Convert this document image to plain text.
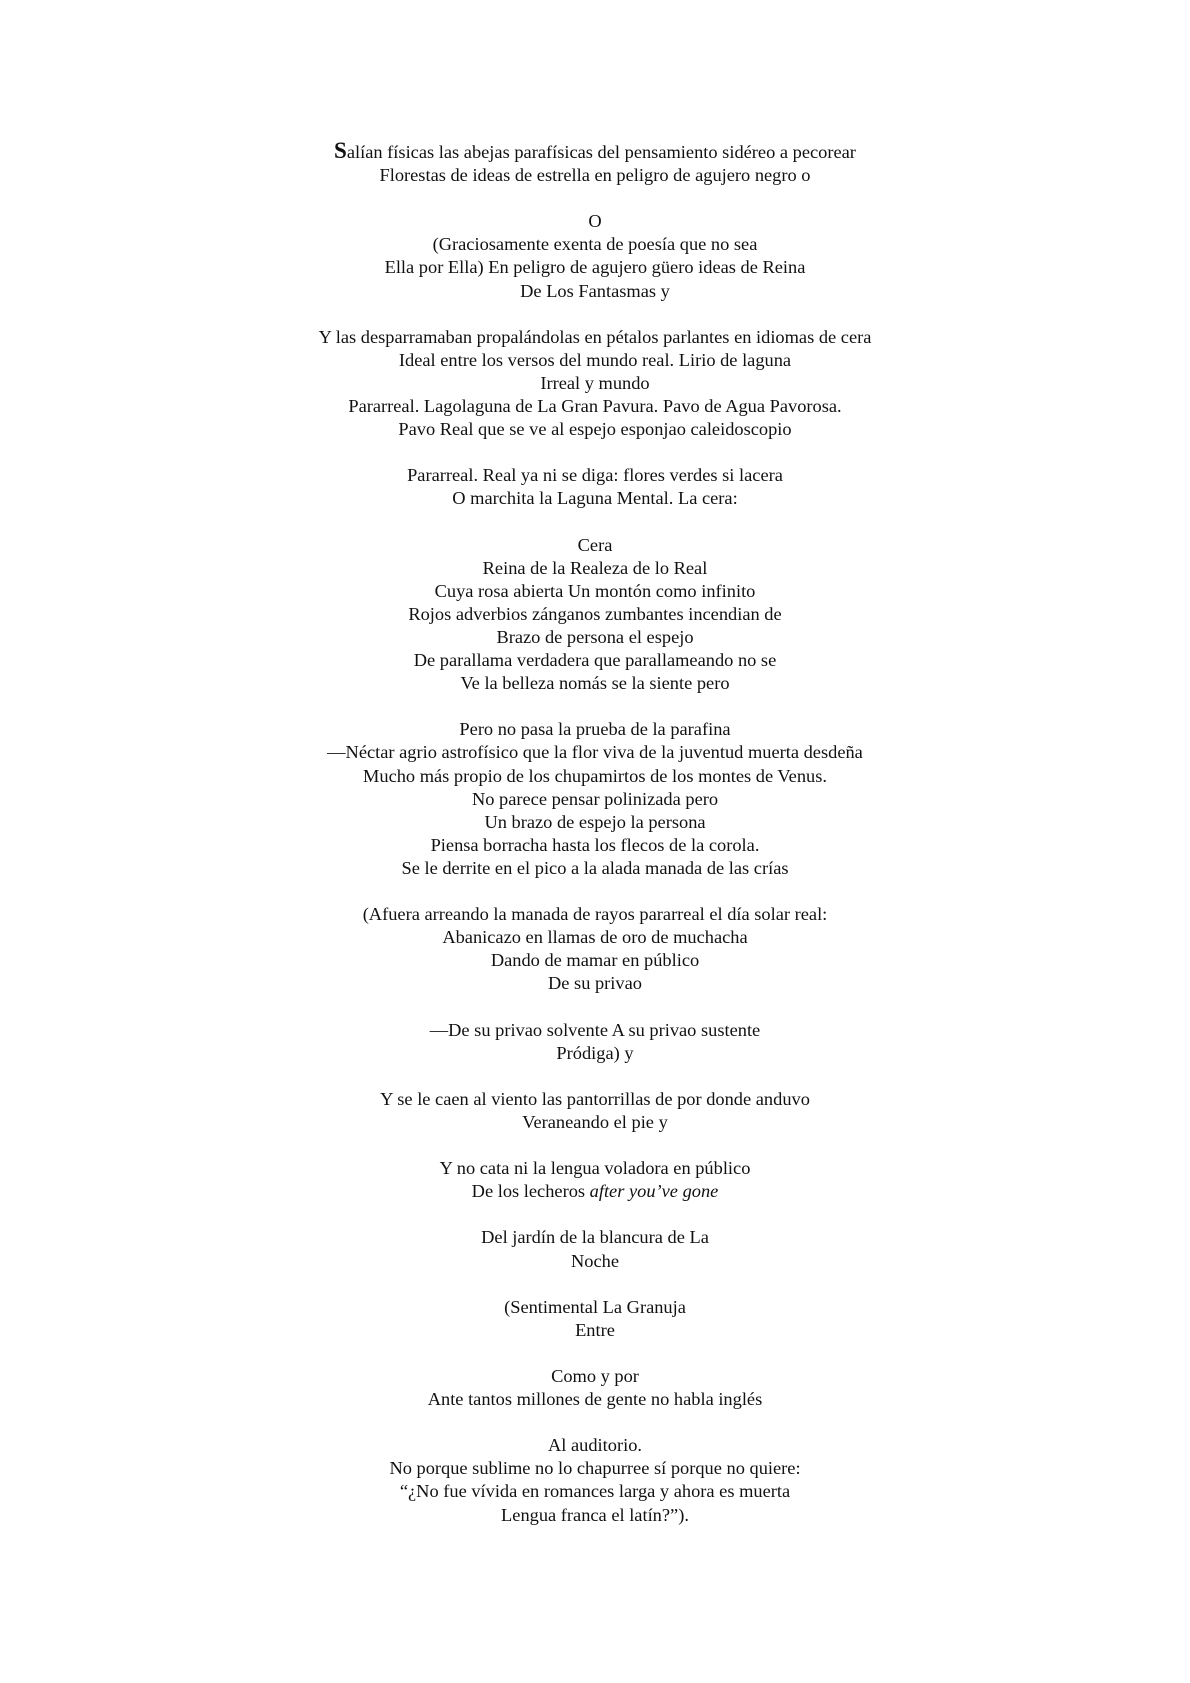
Salían físicas las abejas parafísicas del pensamiento sidéreo a pecorear
Florestas de ideas de estrella en peligro de agujero negro o
O
(Graciosamente exenta de poesía que no sea
Ella por Ella) En peligro de agujero güero ideas de Reina
De Los Fantasmas y
Y las desparramaban propalándolas en pétalos parlantes en idiomas de cera
Ideal entre los versos del mundo real. Lirio de laguna
Irreal y mundo
Pararreal. Lagolaguna de La Gran Pavura. Pavo de Agua Pavorosa.
Pavo Real que se ve al espejo esponjao caleidoscopio
Pararreal. Real ya ni se diga: flores verdes si lacera
O marchita la Laguna Mental. La cera:
Cera
Reina de la Realeza de lo Real
Cuya rosa abierta Un montón como infinito
Rojos adverbios zánganos zumbantes incendian de
Brazo de persona el espejo
De parallama verdadera que parallameando no se
Ve la belleza nomás se la siente pero
Pero no pasa la prueba de la parafina
—Néctar agrio astrofísico que la flor viva de la juventud muerta desdeña
Mucho más propio de los chupamirtos de los montes de Venus.
No parece pensar polinizada pero
Un brazo de espejo la persona
Piensa borracha hasta los flecos de la corola.
Se le derrite en el pico a la alada manada de las crías
(Afuera arreando la manada de rayos pararreal el día solar real:
Abanicazo en llamas de oro de muchacha
Dando de mamar en público
De su privao
—De su privao solvente A su privao sustente
Pródiga) y
Y se le caen al viento las pantorrillas de por donde anduvo
Veraneando el pie y
Y no cata ni la lengua voladora en público
De los lecheros after you’ve gone
Del jardín de la blancura de La
Noche
(Sentimental La Granuja
Entre
Como y por
Ante tantos millones de gente no habla inglés
Al auditorio.
No porque sublime no lo chapurree sí porque no quiere:
“¿No fue vívida en romances larga y ahora es muerta
Lengua franca el latín?”).
